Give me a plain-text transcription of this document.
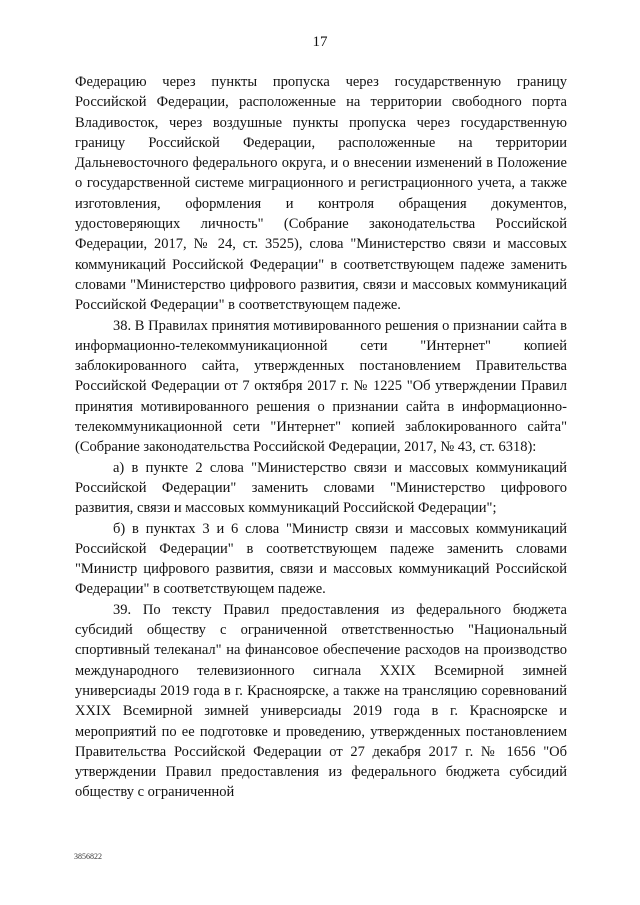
17

Федерацию через пункты пропуска через государственную границу Российской Федерации, расположенные на территории свободного порта Владивосток, через воздушные пункты пропуска через государственную границу Российской Федерации, расположенные на территории Дальневосточного федерального округа, и о внесении изменений в Положение о государственной системе миграционного и регистрационного учета, а также изготовления, оформления и контроля обращения документов, удостоверяющих личность" (Собрание законодательства Российской Федерации, 2017, № 24, ст. 3525), слова "Министерство связи и массовых коммуникаций Российской Федерации" в соответствующем падеже заменить словами "Министерство цифрового развития, связи и массовых коммуникаций Российской Федерации" в соответствующем падеже.

38. В Правилах принятия мотивированного решения о признании сайта в информационно-телекоммуникационной сети "Интернет" копией заблокированного сайта, утвержденных постановлением Правительства Российской Федерации от 7 октября 2017 г. № 1225 "Об утверждении Правил принятия мотивированного решения о признании сайта в информационно-телекоммуникационной сети "Интернет" копией заблокированного сайта" (Собрание законодательства Российской Федерации, 2017, № 43, ст. 6318):

а) в пункте 2 слова "Министерство связи и массовых коммуникаций Российской Федерации" заменить словами "Министерство цифрового развития, связи и массовых коммуникаций Российской Федерации";

б) в пунктах 3 и 6 слова "Министр связи и массовых коммуникаций Российской Федерации" в соответствующем падеже заменить словами "Министр цифрового развития, связи и массовых коммуникаций Российской Федерации" в соответствующем падеже.

39. По тексту Правил предоставления из федерального бюджета субсидий обществу с ограниченной ответственностью "Национальный спортивный телеканал" на финансовое обеспечение расходов на производство международного телевизионного сигнала XXIX Всемирной зимней универсиады 2019 года в г. Красноярске, а также на трансляцию соревнований XXIX Всемирной зимней универсиады 2019 года в г. Красноярске и мероприятий по ее подготовке и проведению, утвержденных постановлением Правительства Российской Федерации от 27 декабря 2017 г. № 1656 "Об утверждении Правил предоставления из федерального бюджета субсидий обществу с ограниченной

3856822
